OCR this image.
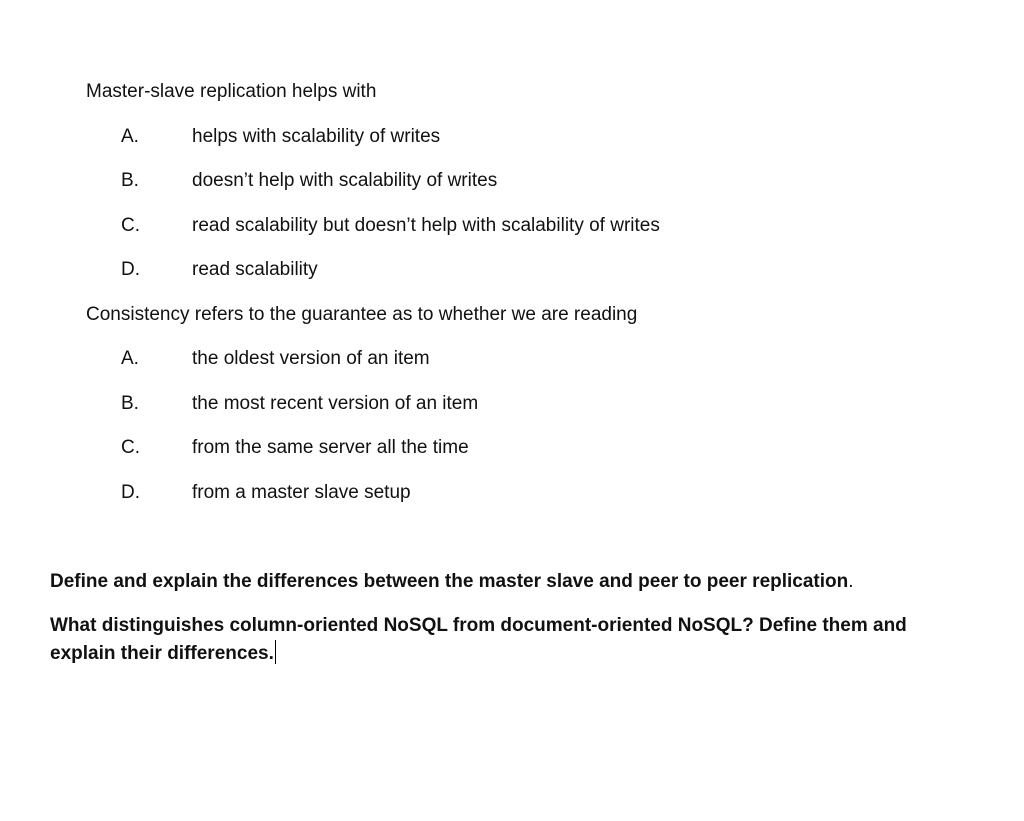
Master-slave replication helps with
A.	helps with scalability of writes
B.	doesn’t help with scalability of writes
C.	read scalability but doesn’t help with scalability of writes
D.	read scalability
Consistency refers to the guarantee as to whether we are reading
A.	the oldest version of an item
B.	the most recent version of an item
C.	from the same server all the time
D.	from a master slave setup
Define and explain the differences between the master slave and peer to peer replication.
What distinguishes column-oriented NoSQL from document-oriented NoSQL? Define them and explain their differences.
